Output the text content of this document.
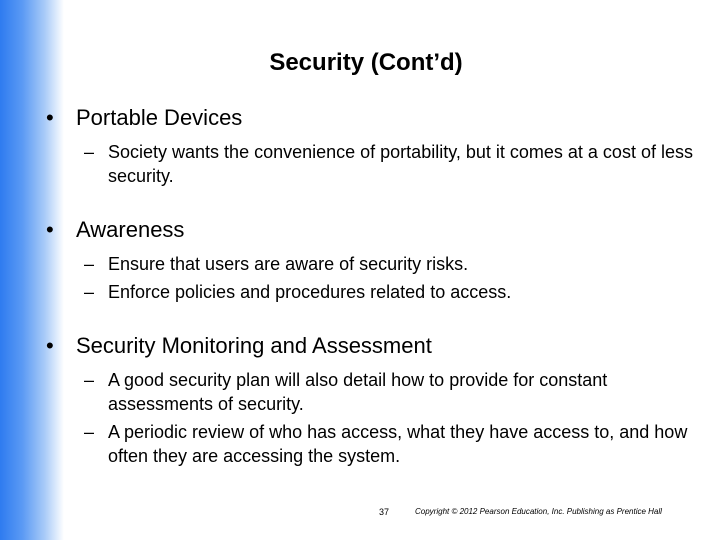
Security (Cont’d)
•	Portable Devices
– Society wants the convenience of portability, but it comes at a cost of less security.
•	Awareness
– Ensure that users are aware of security risks.
– Enforce policies and procedures related to access.
•	Security Monitoring and Assessment
– A good security plan will also detail how to provide for constant assessments of security.
– A periodic review of who has access, what they have access to, and how often they are accessing the system.
37	Copyright © 2012 Pearson Education, Inc. Publishing as Prentice Hall
